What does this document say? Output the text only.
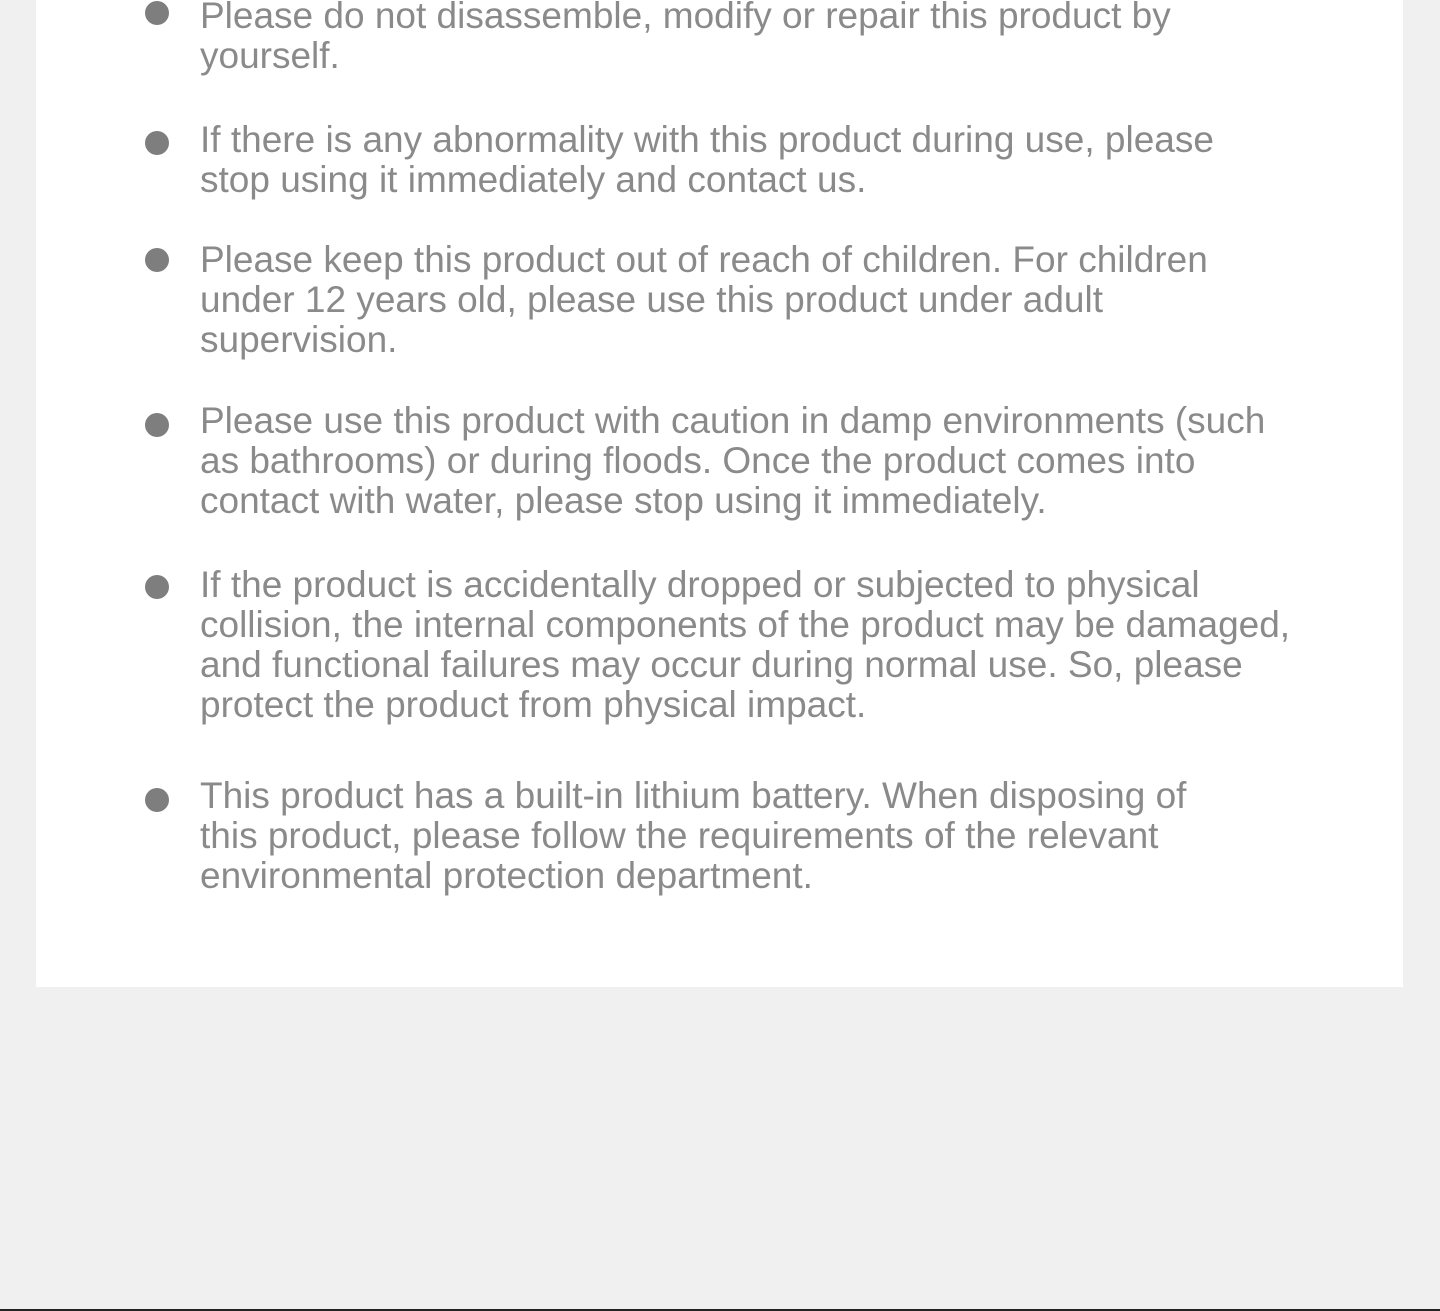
Please do not disassemble, modify or repair this product by
yourself.

If there is any abnormality with this product during use, please
stop using it immediately and contact us.

Please keep this product out of reach of children. For children
under 12 years old, please use this product under adult
supervision.

Please use this product with caution in damp environments (such
as bathrooms) or during floods. Once the product comes into
contact with water, please stop using it immediately.

If the product is accidentally dropped or subjected to physical
collision, the internal components of the product may be damaged,
and functional failures may occur during normal use. So, please
protect the product from physical impact.

This product has a built-in lithium battery. When disposing of
this product, please follow the requirements of the relevant
environmental protection department.
